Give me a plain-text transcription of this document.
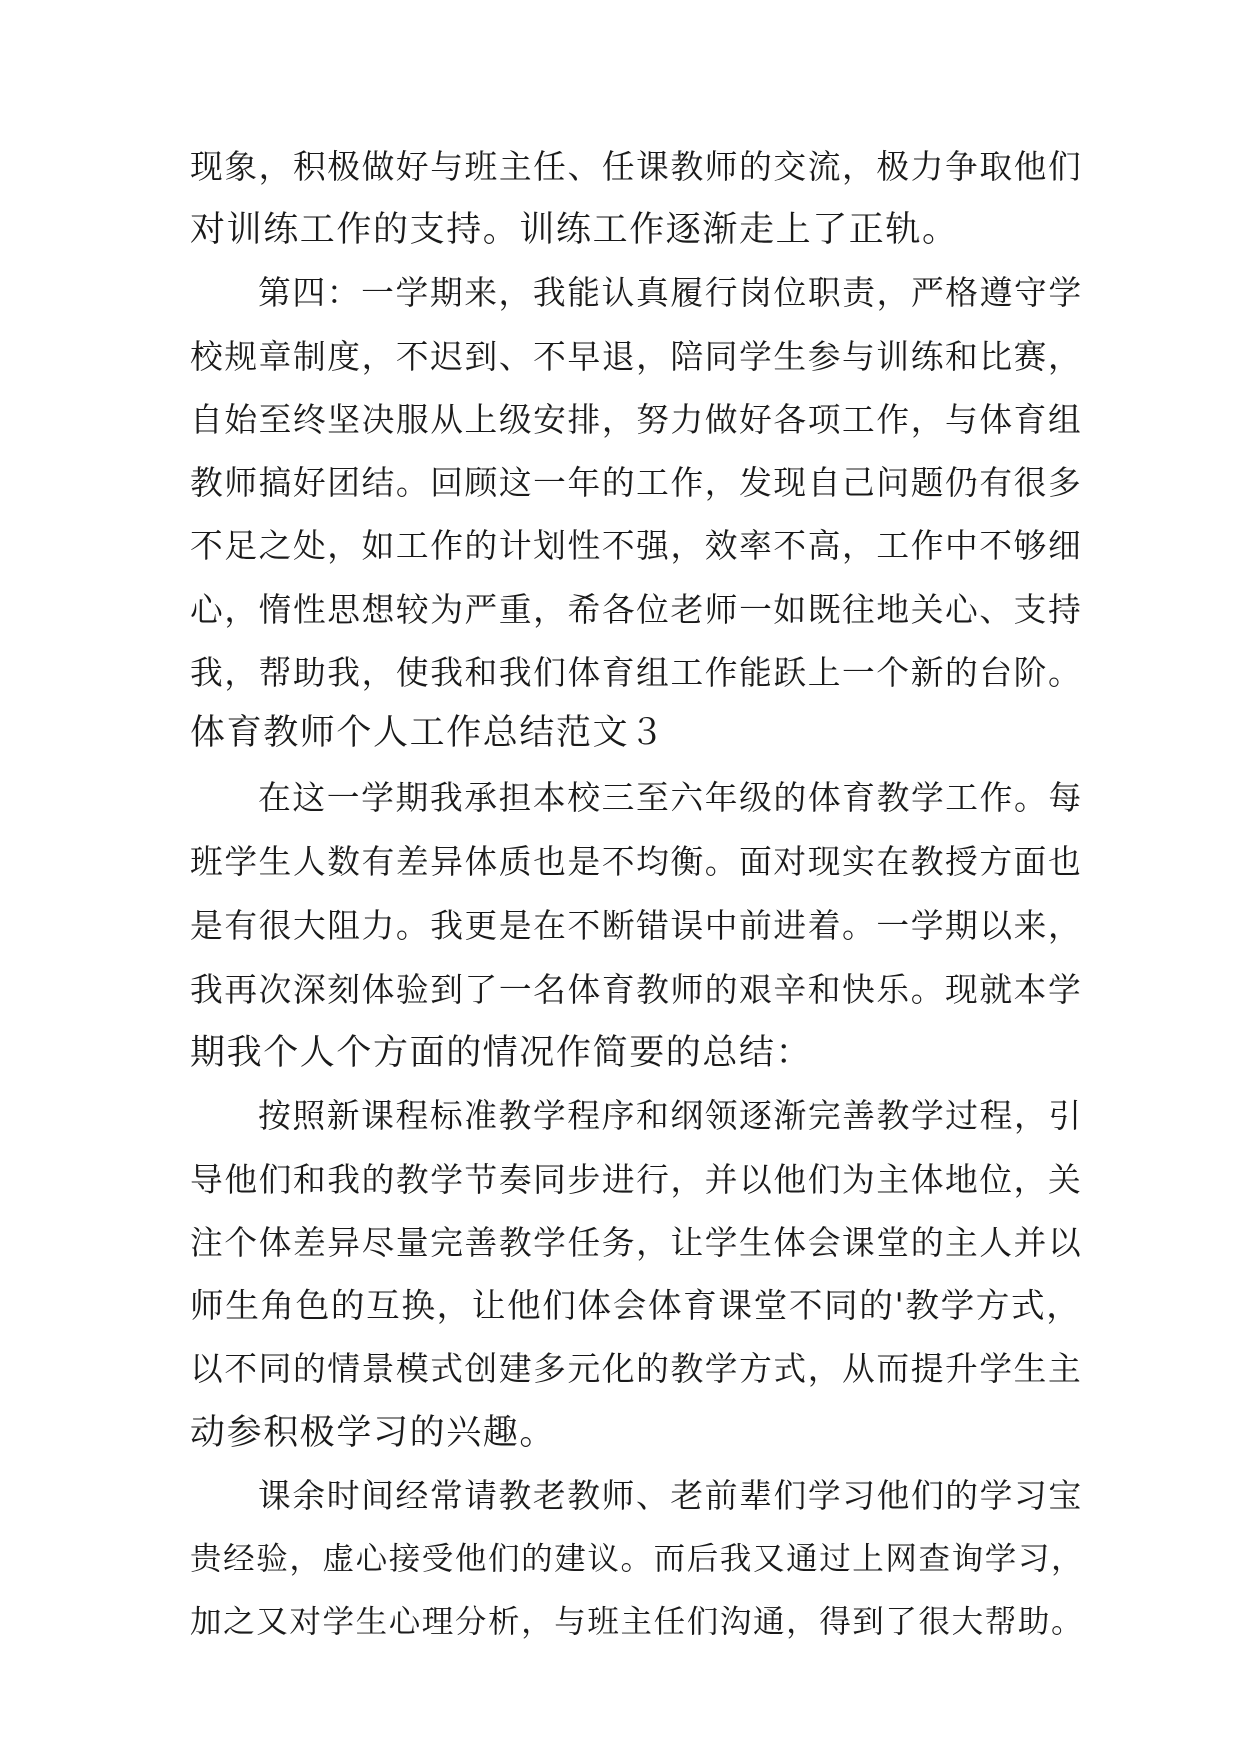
现象，积极做好与班主任、任课教师的交流，极力争取他们
对训练工作的支持。训练工作逐渐走上了正轨。
第四：一学期来，我能认真履行岗位职责，严格遵守学
校规章制度，不迟到、不早退，陪同学生参与训练和比赛，
自始至终坚决服从上级安排，努力做好各项工作，与体育组
教师搞好团结。回顾这一年的工作，发现自己问题仍有很多
不足之处，如工作的计划性不强，效率不高，工作中不够细
心，惰性思想较为严重，希各位老师一如既往地关心、支持
我，帮助我，使我和我们体育组工作能跃上一个新的台阶。
体育教师个人工作总结范文３
在这一学期我承担本校三至六年级的体育教学工作。每
班学生人数有差异体质也是不均衡。面对现实在教授方面也
是有很大阻力。我更是在不断错误中前进着。一学期以来，
我再次深刻体验到了一名体育教师的艰辛和快乐。现就本学
期我个人个方面的情况作简要的总结：
按照新课程标准教学程序和纲领逐渐完善教学过程，引
导他们和我的教学节奏同步进行，并以他们为主体地位，关
注个体差异尽量完善教学任务，让学生体会课堂的主人并以
师生角色的互换，让他们体会体育课堂不同的'教学方式，
以不同的情景模式创建多元化的教学方式，从而提升学生主
动参积极学习的兴趣。
课余时间经常请教老教师、老前辈们学习他们的学习宝
贵经验，虚心接受他们的建议。而后我又通过上网查询学习，
加之又对学生心理分析，与班主任们沟通，得到了很大帮助。
